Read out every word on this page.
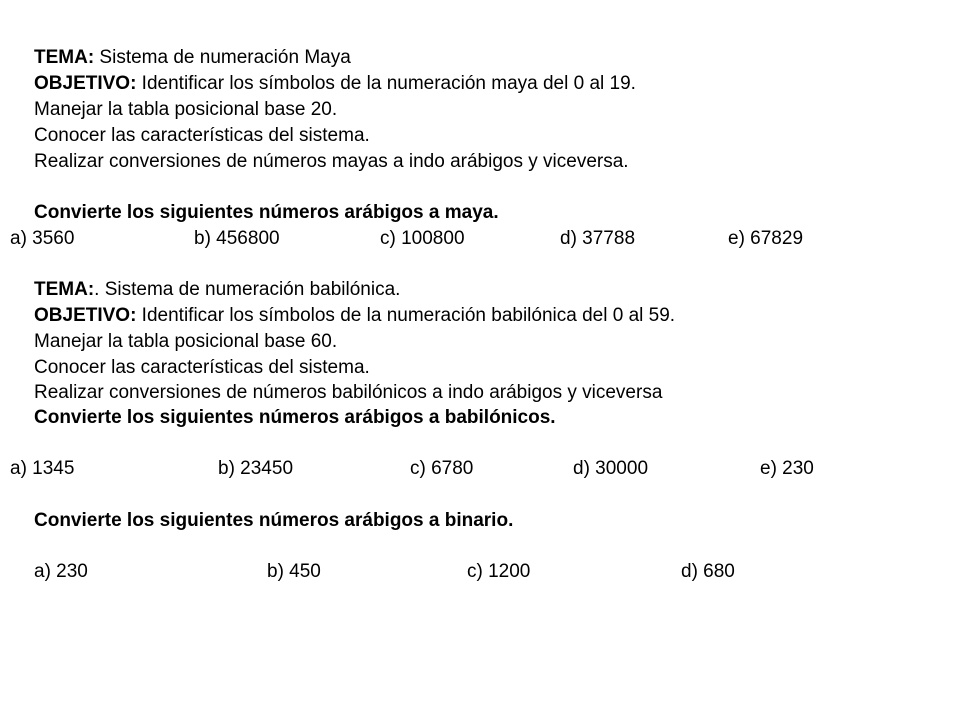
TEMA: Sistema de numeración Maya
OBJETIVO: Identificar los símbolos de la numeración maya del 0 al 19.
Manejar la tabla posicional base 20.
Conocer las características del sistema.
Realizar conversiones de números mayas a indo arábigos y viceversa.
Convierte los siguientes números arábigos a maya.
a) 3560	b) 456800	c) 100800	d) 37788	e) 67829
TEMA:. Sistema de numeración babilónica.
OBJETIVO: Identificar los símbolos de la numeración babilónica del 0 al 59.
Manejar la tabla posicional base 60.
Conocer las características del sistema.
Realizar conversiones de números babilónicos a indo arábigos y viceversa
Convierte los siguientes números arábigos a babilónicos.
a) 1345	b) 23450	c) 6780	d) 30000	e) 230
Convierte los siguientes números arábigos a binario.
a) 230	b) 450	c) 1200	d) 680
